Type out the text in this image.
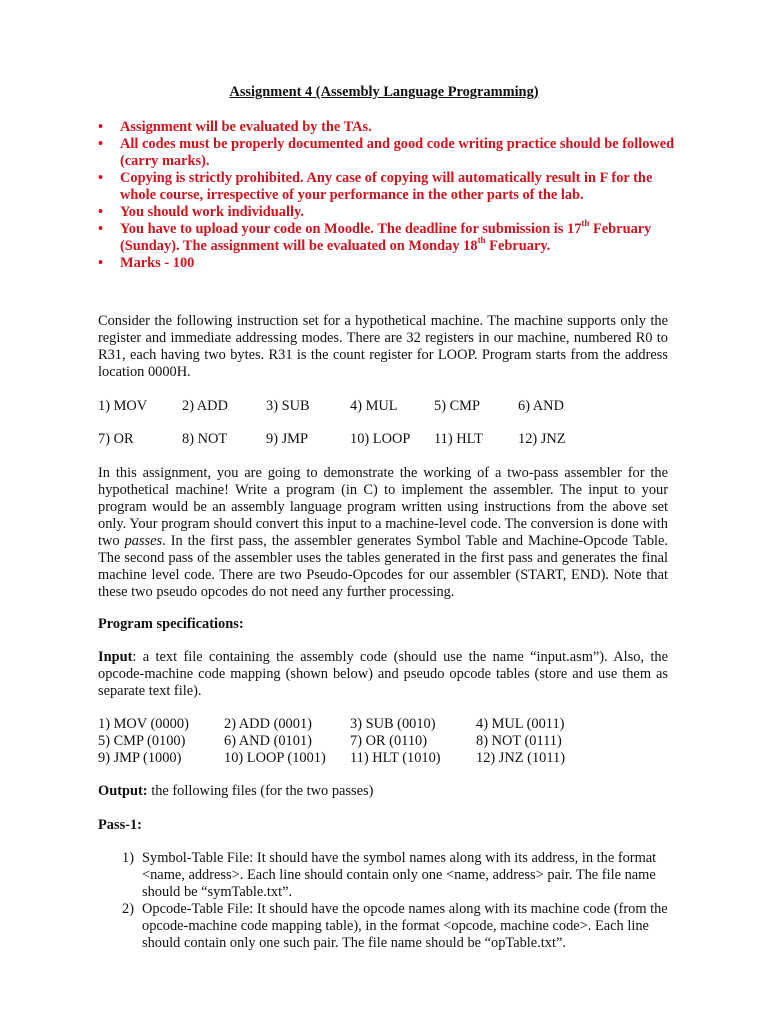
Assignment 4 (Assembly Language Programming)
• Assignment will be evaluated by the TAs.
• All codes must be properly documented and good code writing practice should be followed (carry marks).
• Copying is strictly prohibited. Any case of copying will automatically result in F for the whole course, irrespective of your performance in the other parts of the lab.
• You should work individually.
• You have to upload your code on Moodle. The deadline for submission is 17th February (Sunday). The assignment will be evaluated on Monday 18th February.
• Marks - 100

Consider the following instruction set for a hypothetical machine. The machine supports only the register and immediate addressing modes. There are 32 registers in our machine, numbered R0 to R31, each having two bytes. R31 is the count register for LOOP. Program starts from the address location 0000H.

1) MOV 2) ADD	3) SUB	4) MUL	5) CMP	6) AND
7) OR	8) NOT	9) JMP	10) LOOP 11) HLT 12) JNZ

In this assignment, you are going to demonstrate the working of a two-pass assembler for the hypothetical machine! Write a program (in C) to implement the assembler. The input to your program would be an assembly language program written using instructions from the above set only. Your program should convert this input to a machine-level code. The conversion is done with two passes. In the first pass, the assembler generates Symbol Table and Machine-Opcode Table. The second pass of the assembler uses the tables generated in the first pass and generates the final machine level code. There are two Pseudo-Opcodes for our assembler (START, END). Note that these two pseudo opcodes do not need any further processing.

Program specifications:

Input: a text file containing the assembly code (should use the name “input.asm”). Also, the opcode-machine code mapping (shown below) and pseudo opcode tables (store and use them as separate text file).

1) MOV (0000) 2) ADD (0001)	3) SUB (0010)	4) MUL (0011)
5) CMP (0100)	6) AND (0101)	7) OR (0110)	8) NOT (0111)
9) JMP (1000)	10) LOOP (1001) 11) HLT (1010) 12) JNZ (1011)
Output: the following files (for the two passes)
Pass-1:
1) Symbol-Table File: It should have the symbol names along with its address, in the format <name, address>. Each line should contain only one <name, address> pair. The file name should be “symTable.txt”.
2) Opcode-Table File: It should have the opcode names along with its machine code (from the opcode-machine code mapping table), in the format <opcode, machine code>. Each line should contain only one such pair. The file name should be “opTable.txt”.
